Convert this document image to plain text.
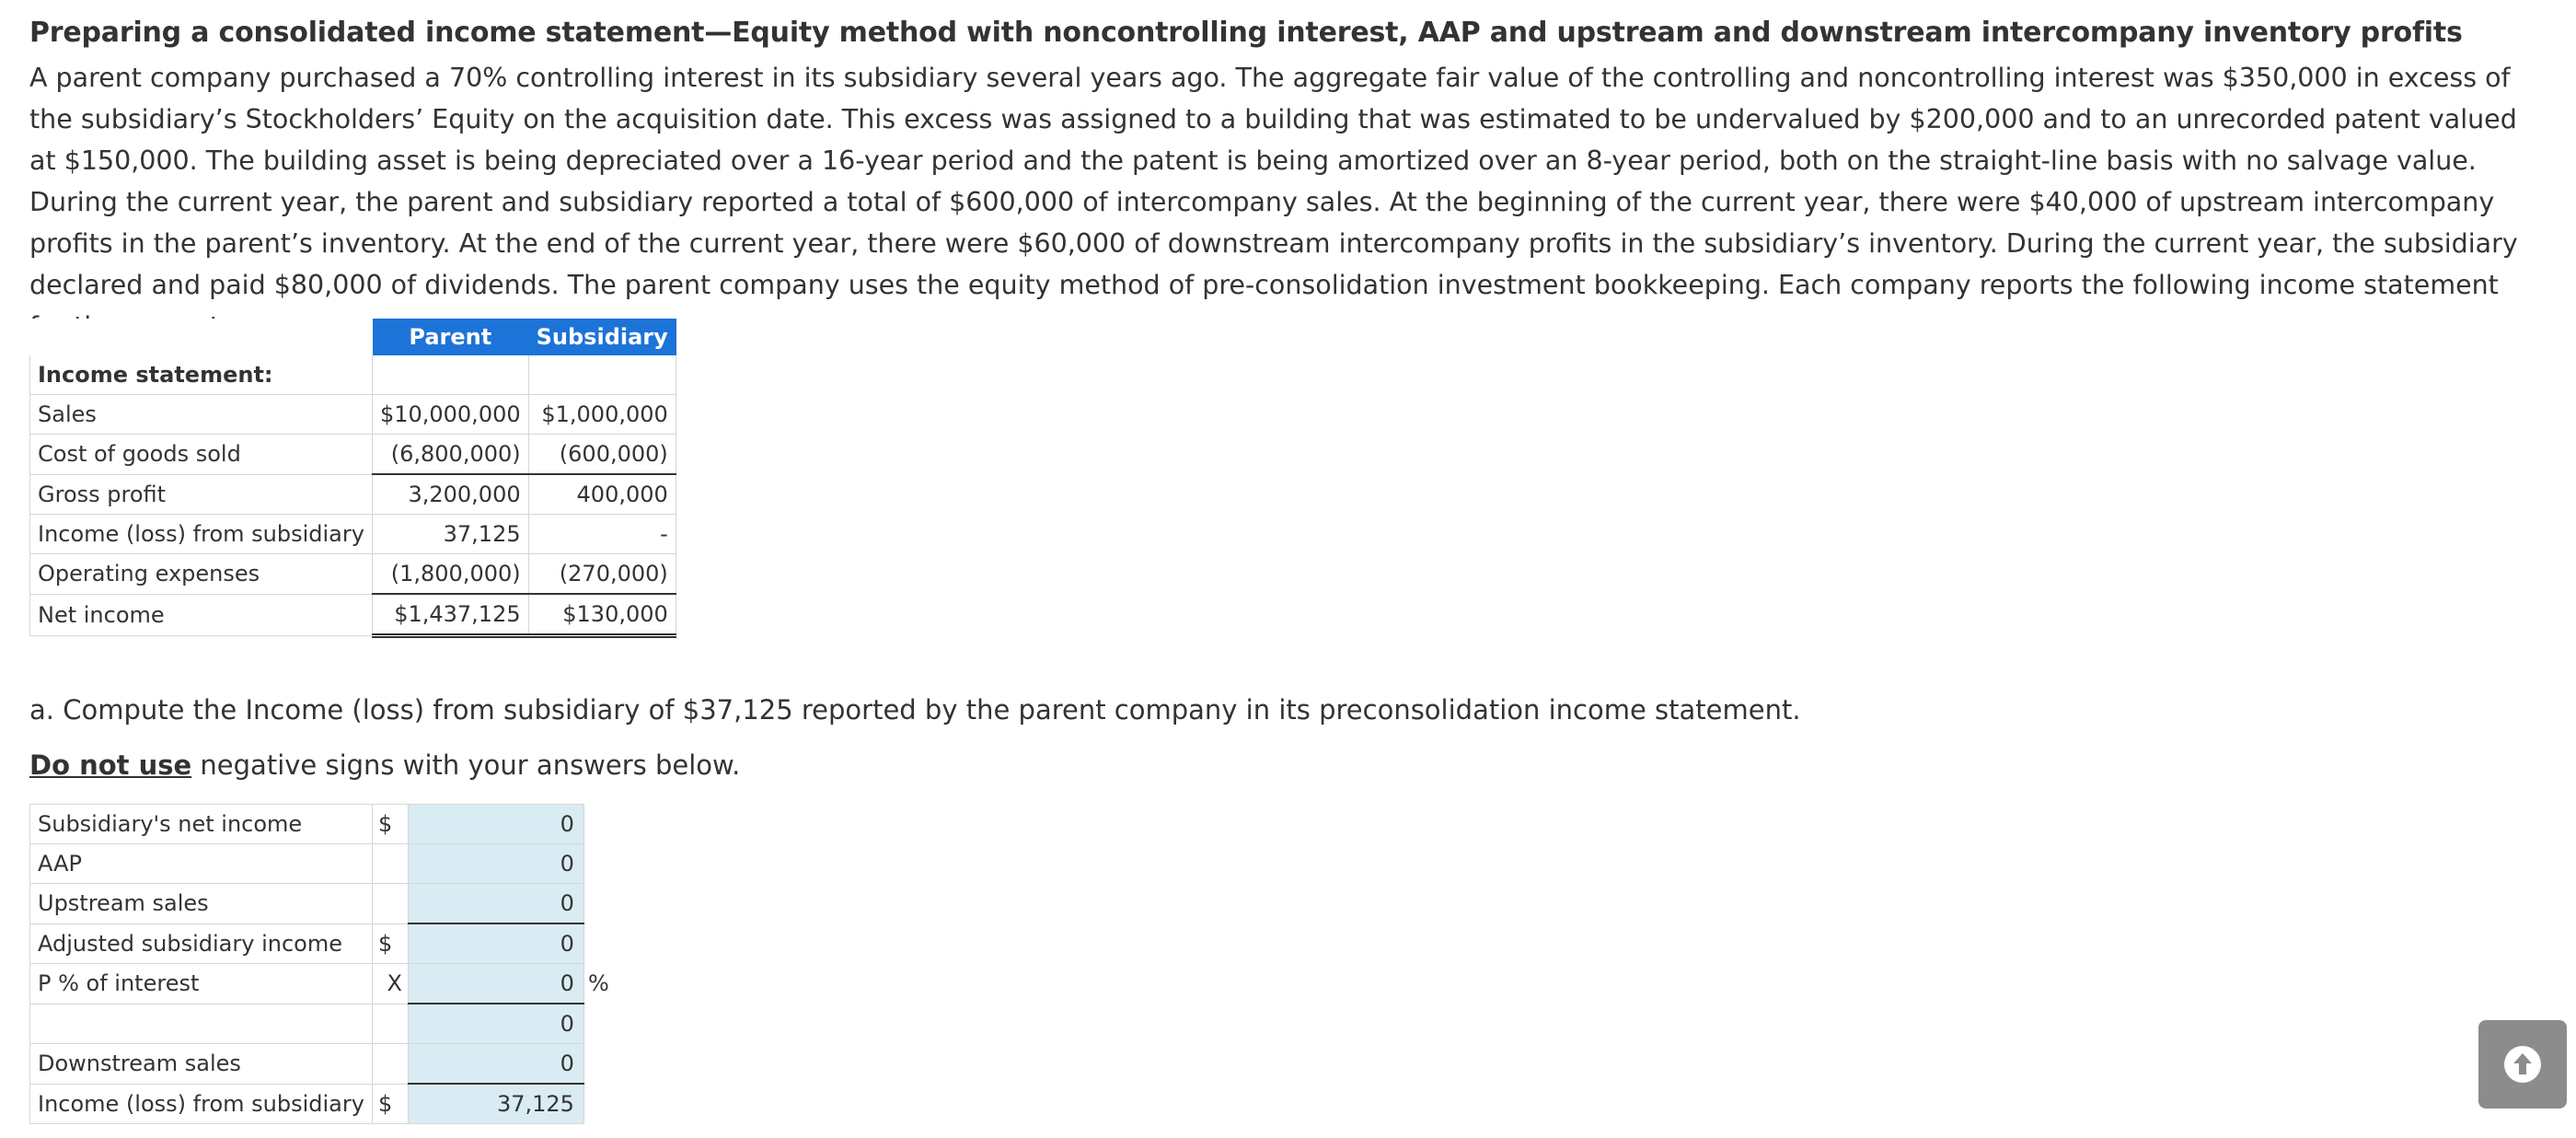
Preparing a consolidated income statement—Equity method with noncontrolling interest, AAP and upstream and downstream intercompany inventory profits
A parent company purchased a 70% controlling interest in its subsidiary several years ago. The aggregate fair value of the controlling and noncontrolling interest was $350,000 in excess of the subsidiary’s Stockholders’ Equity on the acquisition date. This excess was assigned to a building that was estimated to be undervalued by $200,000 and to an unrecorded patent valued at $150,000. The building asset is being depreciated over a 16-year period and the patent is being amortized over an 8-year period, both on the straight-line basis with no salvage value. During the current year, the parent and subsidiary reported a total of $600,000 of intercompany sales. At the beginning of the current year, there were $40,000 of upstream intercompany profits in the parent’s inventory. At the end of the current year, there were $60,000 of downstream intercompany profits in the subsidiary’s inventory. During the current year, the subsidiary declared and paid $80,000 of dividends. The parent company uses the equity method of pre-consolidation investment bookkeeping. Each company reports the following income statement
	Parent	Subsidiary
Income statement:		
Sales	$10,000,000	$1,000,000
Cost of goods sold	(6,800,000)	(600,000)
Gross profit	3,200,000	400,000
Income (loss) from subsidiary	37,125	-
Operating expenses	(1,800,000)	(270,000)
Net income	$1,437,125	$130,000
a. Compute the Income (loss) from subsidiary of $37,125 reported by the parent company in its preconsolidation income statement.
Do not use negative signs with your answers below.
Subsidiary's net income	$	0	
AAP		0	
Upstream sales		0	
Adjusted subsidiary income	$	0	
P % of interest	X	0	%
		0	
Downstream sales		0	
Income (loss) from subsidiary	$	37,125	
